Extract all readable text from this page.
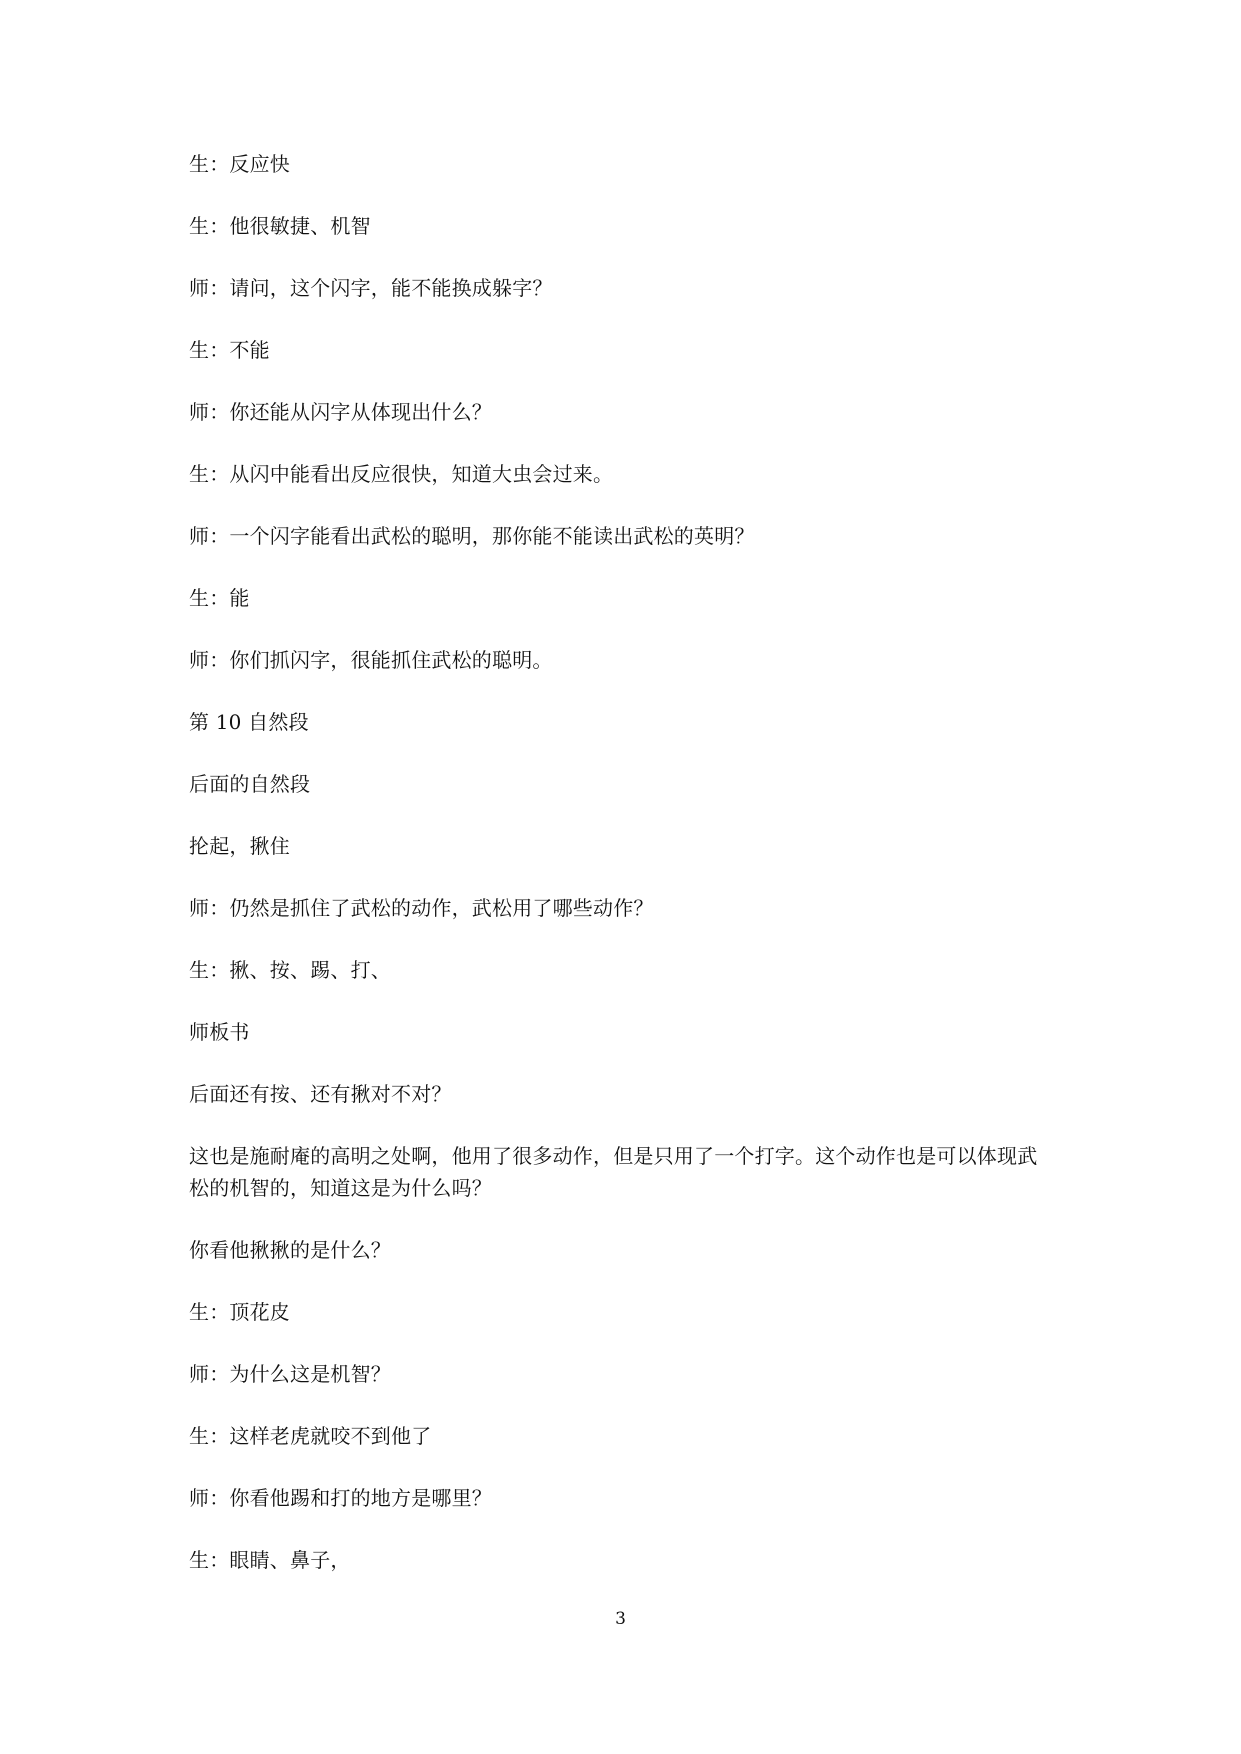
生：反应快

生：他很敏捷、机智

师：请问，这个闪字，能不能换成躲字？

生：不能

师：你还能从闪字从体现出什么？

生：从闪中能看出反应很快，知道大虫会过来。

师：一个闪字能看出武松的聪明，那你能不能读出武松的英明？

生：能

师：你们抓闪字，很能抓住武松的聪明。

第 10 自然段

后面的自然段

抡起，揪住

师：仍然是抓住了武松的动作，武松用了哪些动作？

生：揪、按、踢、打、

师板书

后面还有按、还有揪对不对？

这也是施耐庵的高明之处啊，他用了很多动作，但是只用了一个打字。这个动作也是可以体现武松的机智的，知道这是为什么吗？

你看他揪揪的是什么？

生：顶花皮

师：为什么这是机智？

生：这样老虎就咬不到他了

师：你看他踢和打的地方是哪里？

生：眼睛、鼻子，

3
